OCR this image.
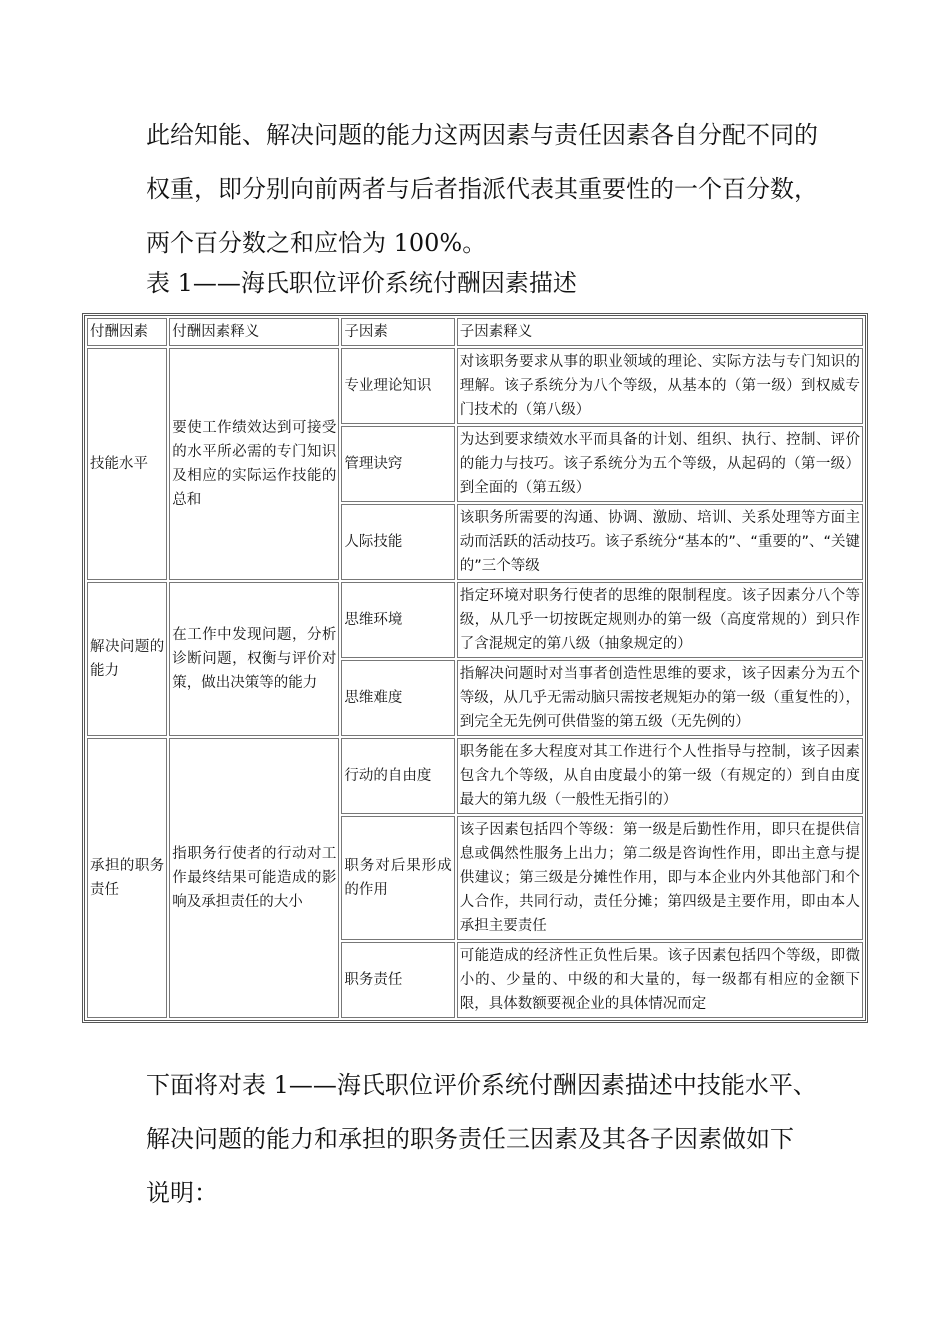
此给知能、解决问题的能力这两因素与责任因素各自分配不同的
权重，即分别向前两者与后者指派代表其重要性的一个百分数，
两个百分数之和应恰为 100%。
表 1——海氏职位评价系统付酬因素描述
付酬因素	付酬因素释义	子因素	子因素释义
技能水平	要使工作绩效达到可接受的水平所必需的专门知识及相应的实际运作技能的总和	专业理论知识	对该职务要求从事的职业领域的理论、实际方法与专门知识的理解。该子系统分为八个等级，从基本的（第一级）到权威专门技术的（第八级）
		管理诀窍	为达到要求绩效水平而具备的计划、组织、执行、控制、评价的能力与技巧。该子系统分为五个等级，从起码的（第一级）到全面的（第五级）
		人际技能	该职务所需要的沟通、协调、激励、培训、关系处理等方面主动而活跃的活动技巧。该子系统分“基本的”、“重要的”、“关键的”三个等级
解决问题的能力	在工作中发现问题，分析诊断问题，权衡与评价对策，做出决策等的能力	思维环境	指定环境对职务行使者的思维的限制程度。该子因素分八个等级，从几乎一切按既定规则办的第一级（高度常规的）到只作了含混规定的第八级（抽象规定的）
		思维难度	指解决问题时对当事者创造性思维的要求，该子因素分为五个等级，从几乎无需动脑只需按老规矩办的第一级（重复性的），到完全无先例可供借鉴的第五级（无先例的）
承担的职务责任	指职务行使者的行动对工作最终结果可能造成的影响及承担责任的大小	行动的自由度	职务能在多大程度对其工作进行个人性指导与控制，该子因素包含九个等级，从自由度最小的第一级（有规定的）到自由度最大的第九级（一般性无指引的）
		职务对后果形成的作用	该子因素包括四个等级：第一级是后勤性作用，即只在提供信息或偶然性服务上出力；第二级是咨询性作用，即出主意与提供建议；第三级是分摊性作用，即与本企业内外其他部门和个人合作，共同行动，责任分摊；第四级是主要作用，即由本人承担主要责任
		职务责任	可能造成的经济性正负性后果。该子因素包括四个等级，即微小的、少量的、中级的和大量的，每一级都有相应的金额下限，具体数额要视企业的具体情况而定
下面将对表 1——海氏职位评价系统付酬因素描述中技能水平、
解决问题的能力和承担的职务责任三因素及其各子因素做如下
说明：
